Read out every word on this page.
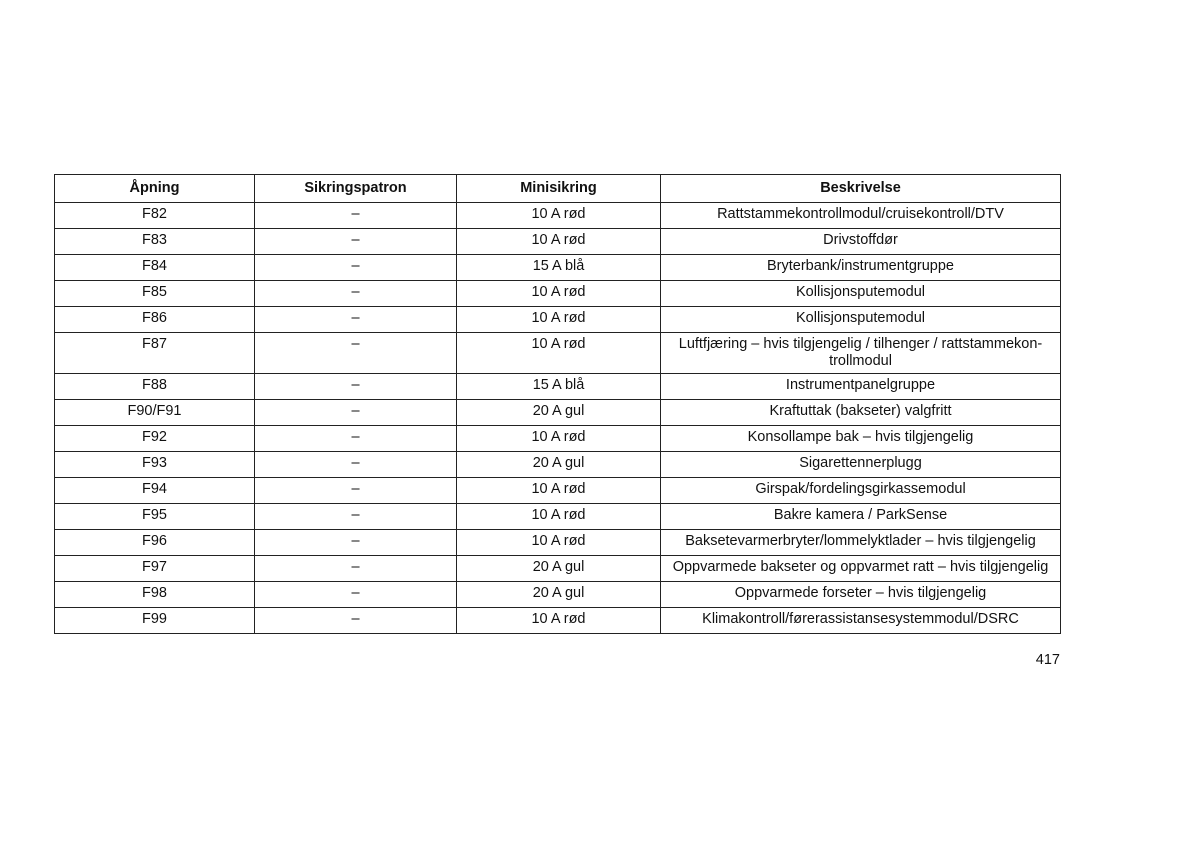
Åpning	Sikringspatron	Minisikring	Beskrivelse
F82	–	10 A rød	Rattstammekontrollmodul/cruisekontroll/DTV
F83	–	10 A rød	Drivstoffdør
F84	–	15 A blå	Bryterbank/instrumentgruppe
F85	–	10 A rød	Kollisjonsputemodul
F86	–	10 A rød	Kollisjonsputemodul
F87	–	10 A rød	Luftfjæring – hvis tilgjengelig / tilhenger / rattstammekon-trollmodul
F88	–	15 A blå	Instrumentpanelgruppe
F90/F91	–	20 A gul	Kraftuttak (bakseter) valgfritt
F92	–	10 A rød	Konsollampe bak – hvis tilgjengelig
F93	–	20 A gul	Sigarettennerplugg
F94	–	10 A rød	Girspak/fordelingsgirkassemodul
F95	–	10 A rød	Bakre kamera / ParkSense
F96	–	10 A rød	Baksetevarmerbryter/lommelyktlader – hvis tilgjengelig
F97	–	20 A gul	Oppvarmede bakseter og oppvarmet ratt – hvis tilgjengelig
F98	–	20 A gul	Oppvarmede forseter – hvis tilgjengelig
F99	–	10 A rød	Klimakontroll/førerassistansesystemmodul/DSRC
417
